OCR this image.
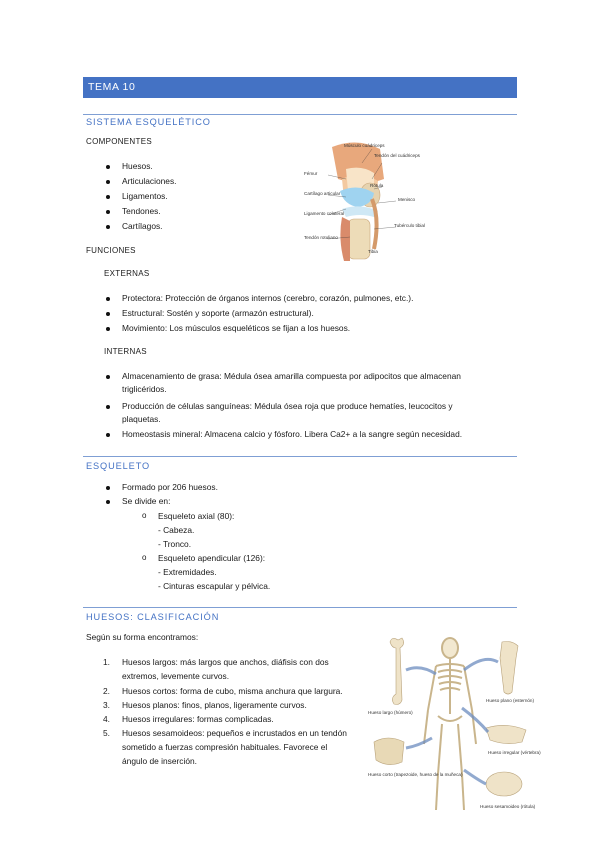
TEMA 10
SISTEMA ESQUELÉTICO
COMPONENTES
Huesos.
Articulaciones.
Ligamentos.
Tendones.
Cartílagos.
Músculo cuádriceps
Tendón del cuádriceps
Fémur
Rótula
Cartílago articular
Menisco
Ligamento colateral
Tubérculo tibial
Tendón rotuliano
Tibia
FUNCIONES
EXTERNAS
Protectora: Protección de órganos internos (cerebro, corazón, pulmones, etc.).
Estructural: Sostén y soporte (armazón estructural).
Movimiento: Los músculos esqueléticos se fijan a los huesos.
INTERNAS
Almacenamiento de grasa: Médula ósea amarilla compuesta por adipocitos que almacenan
triglicéridos.
Producción de células sanguíneas: Médula ósea roja que produce hematíes, leucocitos y
plaquetas.
Homeostasis mineral: Almacena calcio y fósforo. Libera Ca2+ a la sangre según necesidad.
ESQUELETO
Formado por 206 huesos.
Se divide en:
o Esqueleto axial (80):
- Cabeza.
- Tronco.
o Esqueleto apendicular (126):
- Extremidades.
- Cinturas escapular y pélvica.
HUESOS: CLASIFICACIÓN
Según su forma encontramos:
1. Huesos largos: más largos que anchos, diáfisis con dos
extremos, levemente curvos.
2. Huesos cortos: forma de cubo, misma anchura que largura.
3. Huesos planos: finos, planos, ligeramente curvos.
4. Huesos irregulares: formas complicadas.
5. Huesos sesamoideos: pequeños e incrustados en un tendón
sometido a fuerzas compresión habituales. Favorece el
ángulo de inserción.
Hueso largo (húmero)
Hueso plano (esternón)
Hueso irregular (vértebra)
Hueso corto (trapezoide, hueso de la muñeca)
Hueso sesamoideo (rótula)
